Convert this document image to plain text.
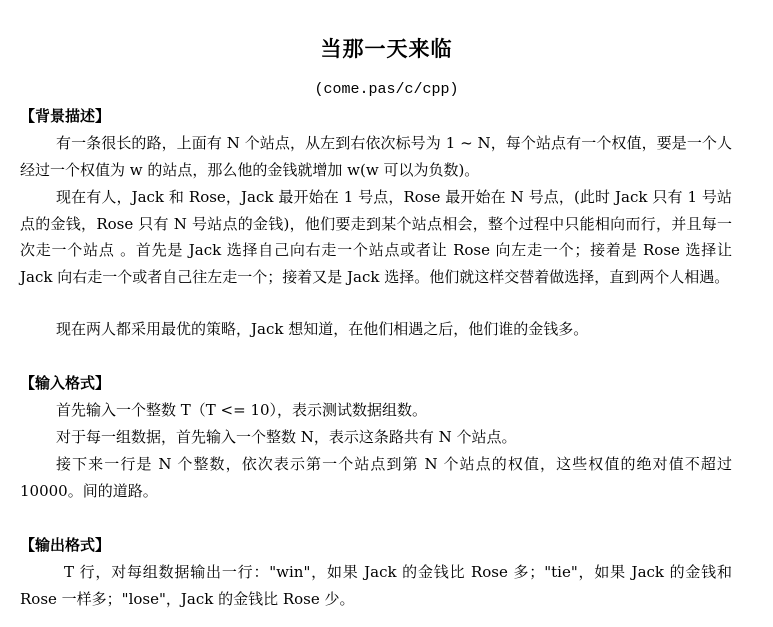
当那一天来临
(come.pas/c/cpp)
【背景描述】

有一条很长的路，上面有 N 个站点，从左到右依次标号为 1 ~ N，每个站点有一个权值，要是一个人经过一个权值为 w 的站点，那么他的金钱就增加 w(w 可以为负数)。

现在有人，Jack 和 Rose，Jack 最开始在 1 号点，Rose 最开始在 N 号点，(此时 Jack 只有 1 号站点的金钱，Rose 只有 N 号站点的金钱)，他们要走到某个站点相会，整个过程中只能相向而行，并且每一次走一个站点 。首先是 Jack 选择自己向右走一个站点或者让 Rose 向左走一个；接着是 Rose 选择让 Jack 向右走一个或者自己往左走一个；接着又是 Jack 选择。他们就这样交替着做选择，直到两个人相遇。

现在两人都采用最优的策略，Jack 想知道，在他们相遇之后，他们谁的金钱多。

【输入格式】

首先输入一个整数 T（T <= 10），表示测试数据组数。

对于每一组数据，首先输入一个整数 N，表示这条路共有 N 个站点。

接下来一行是 N 个整数，依次表示第一个站点到第 N 个站点的权值，这些权值的绝对值不超过 10000。间的道路。

【输出格式】

T 行，对每组数据输出一行："win"，如果 Jack 的金钱比 Rose 多；"tie"，如果 Jack 的金钱和 Rose 一样多；"lose"，Jack 的金钱比 Rose 少。
